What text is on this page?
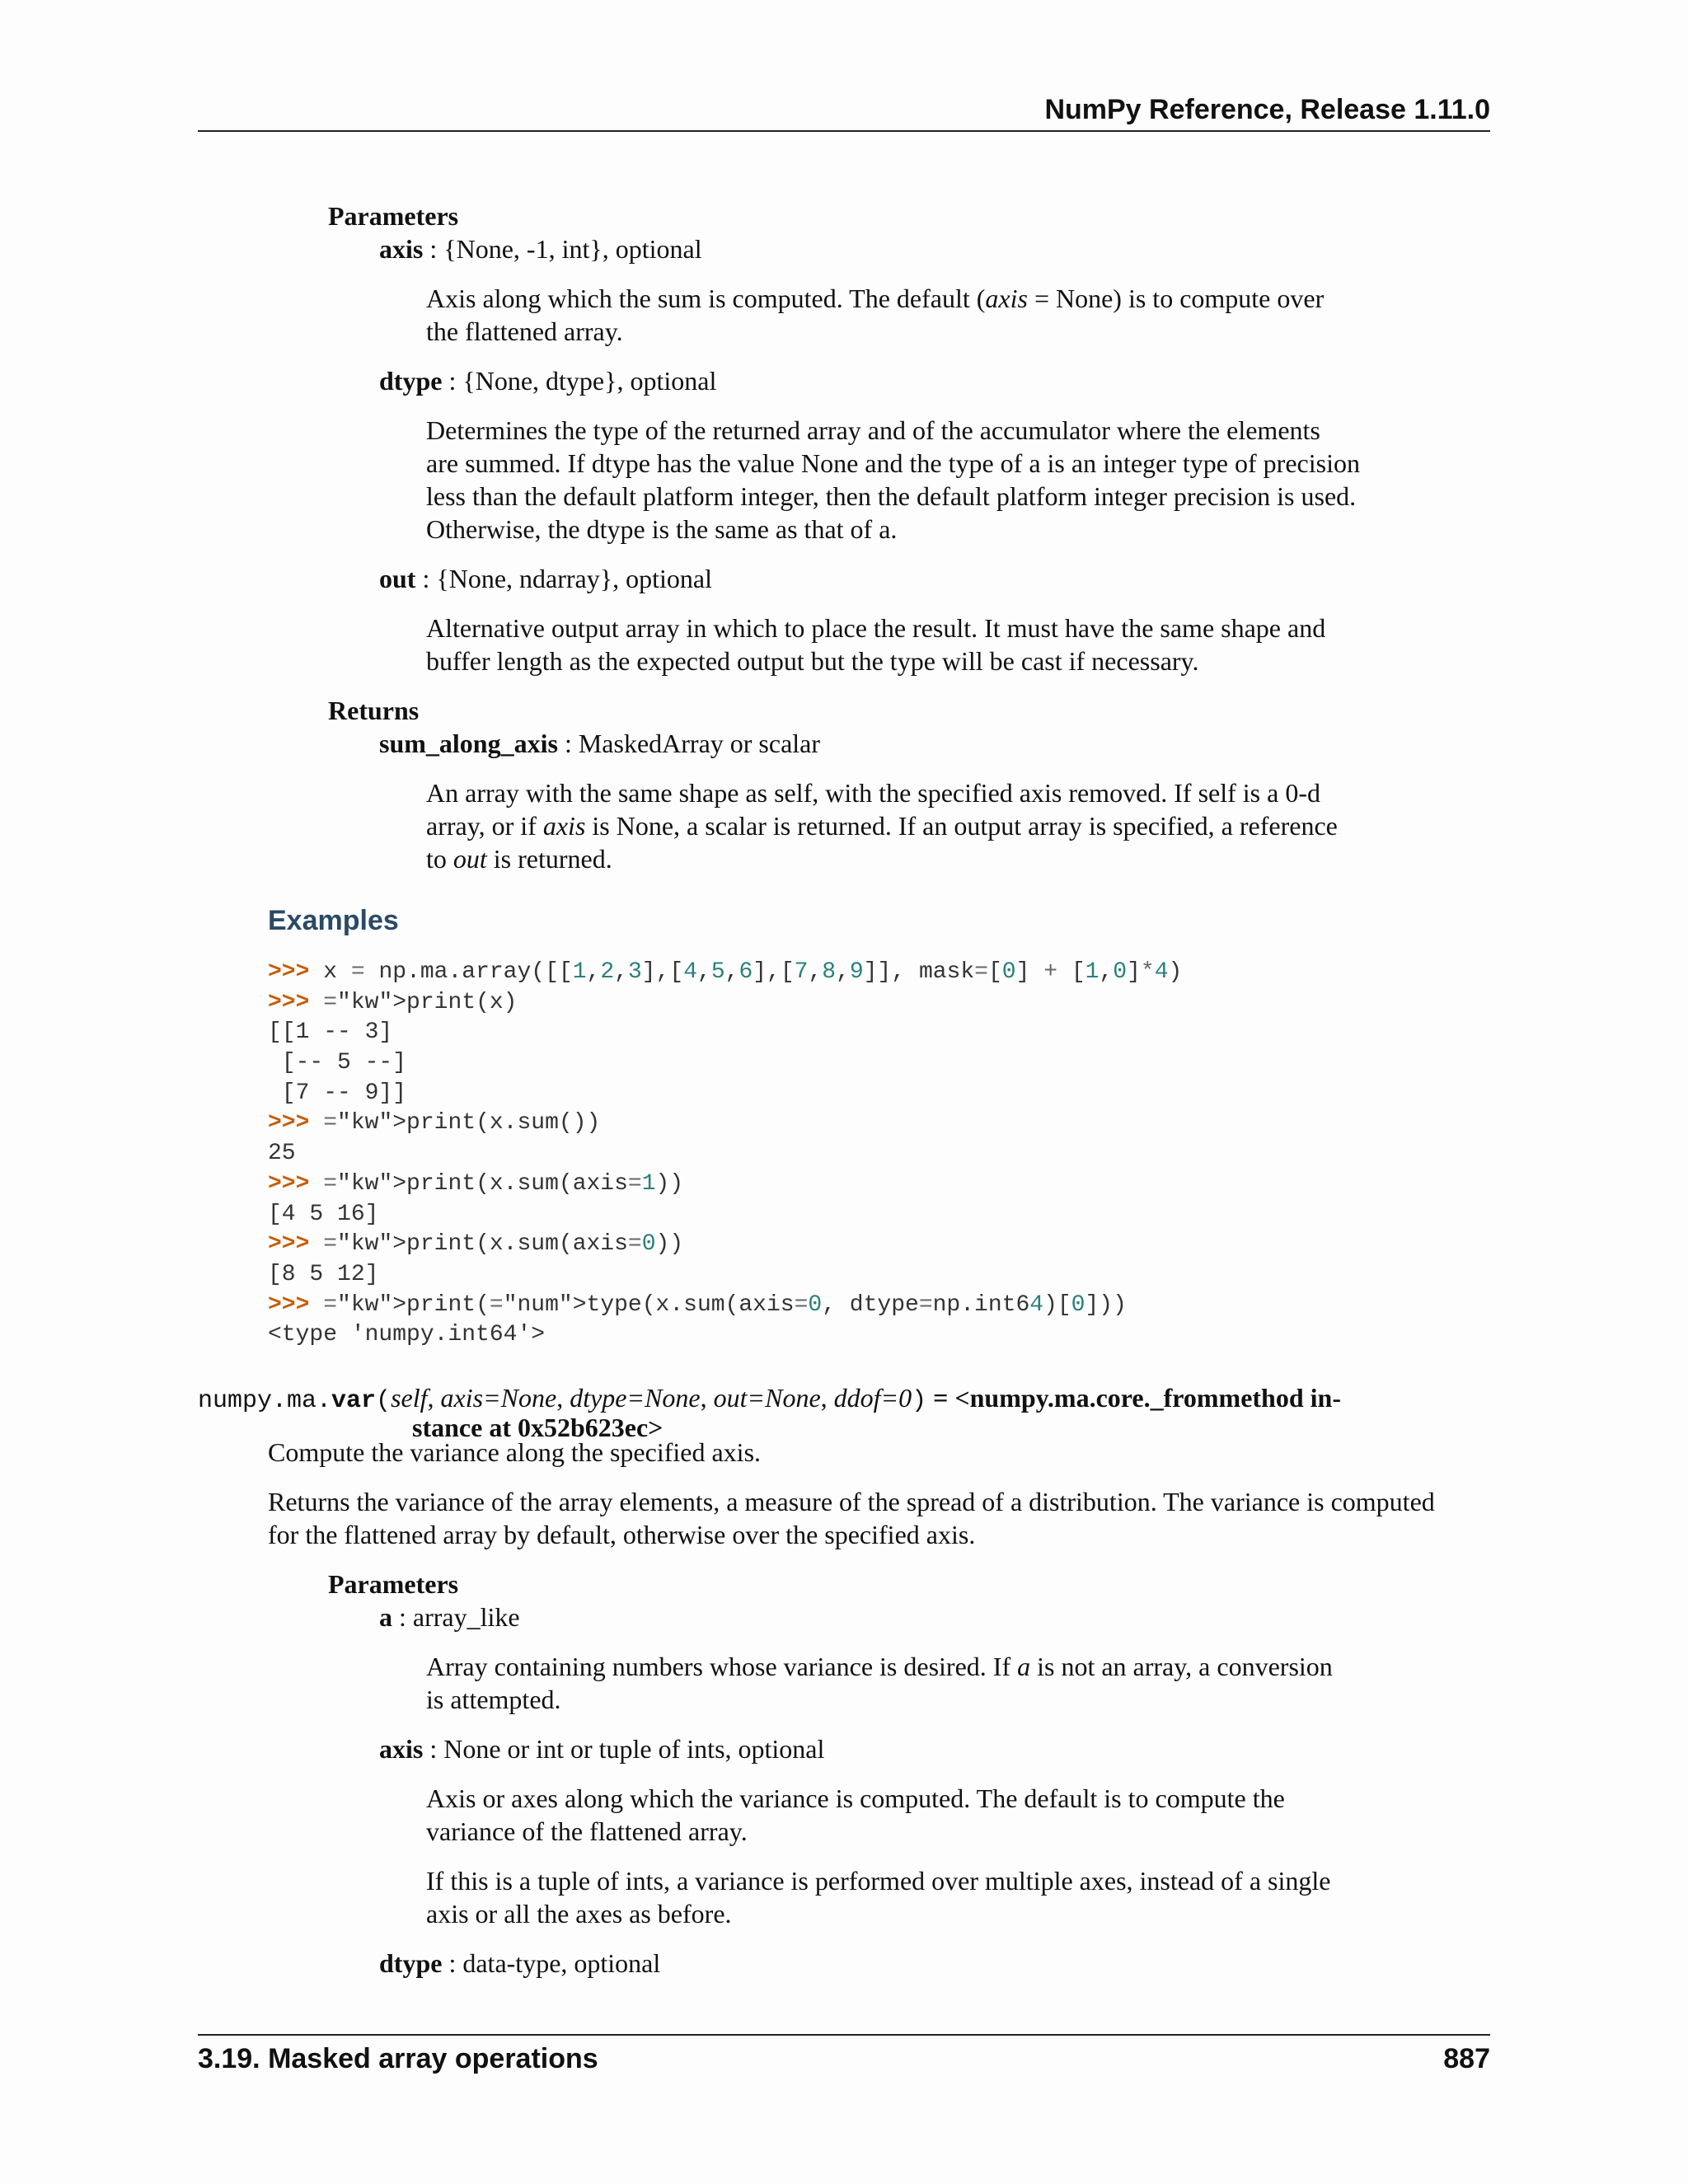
NumPy Reference, Release 1.11.0
Parameters
axis : {None, -1, int}, optional
Axis along which the sum is computed. The default (axis = None) is to compute over
the flattened array.
dtype : {None, dtype}, optional
Determines the type of the returned array and of the accumulator where the elements
are summed. If dtype has the value None and the type of a is an integer type of precision
less than the default platform integer, then the default platform integer precision is used.
Otherwise, the dtype is the same as that of a.
out : {None, ndarray}, optional
Alternative output array in which to place the result. It must have the same shape and
buffer length as the expected output but the type will be cast if necessary.
Returns
sum_along_axis : MaskedArray or scalar
An array with the same shape as self, with the specified axis removed. If self is a 0-d
array, or if axis is None, a scalar is returned. If an output array is specified, a reference
to out is returned.
Examples
>>> x = np.ma.array([[1,2,3],[4,5,6],[7,8,9]], mask=[0] + [1,0]*4)
>>> ="kw">print(x)
[[1 -- 3]
[-- 5 --]
[7 -- 9]]
>>> ="kw">print(x.sum())
25
>>> ="kw">print(x.sum(axis=1))
[4 5 16]
>>> ="kw">print(x.sum(axis=0))
[8 5 12]
>>> ="kw">print(="num">type(x.sum(axis=0, dtype=np.int64)[0]))
<type 'numpy.int64'>
numpy.ma.var(self, axis=None, dtype=None, out=None, ddof=0) = <numpy.ma.core._frommethod in-
stance at 0x52b623ec>
Compute the variance along the specified axis.
Returns the variance of the array elements, a measure of the spread of a distribution. The variance is computed
for the flattened array by default, otherwise over the specified axis.
Parameters
a : array_like
Array containing numbers whose variance is desired. If a is not an array, a conversion
is attempted.
axis : None or int or tuple of ints, optional
Axis or axes along which the variance is computed. The default is to compute the
variance of the flattened array.
If this is a tuple of ints, a variance is performed over multiple axes, instead of a single
axis or all the axes as before.
dtype : data-type, optional
3.19. Masked array operations	887
